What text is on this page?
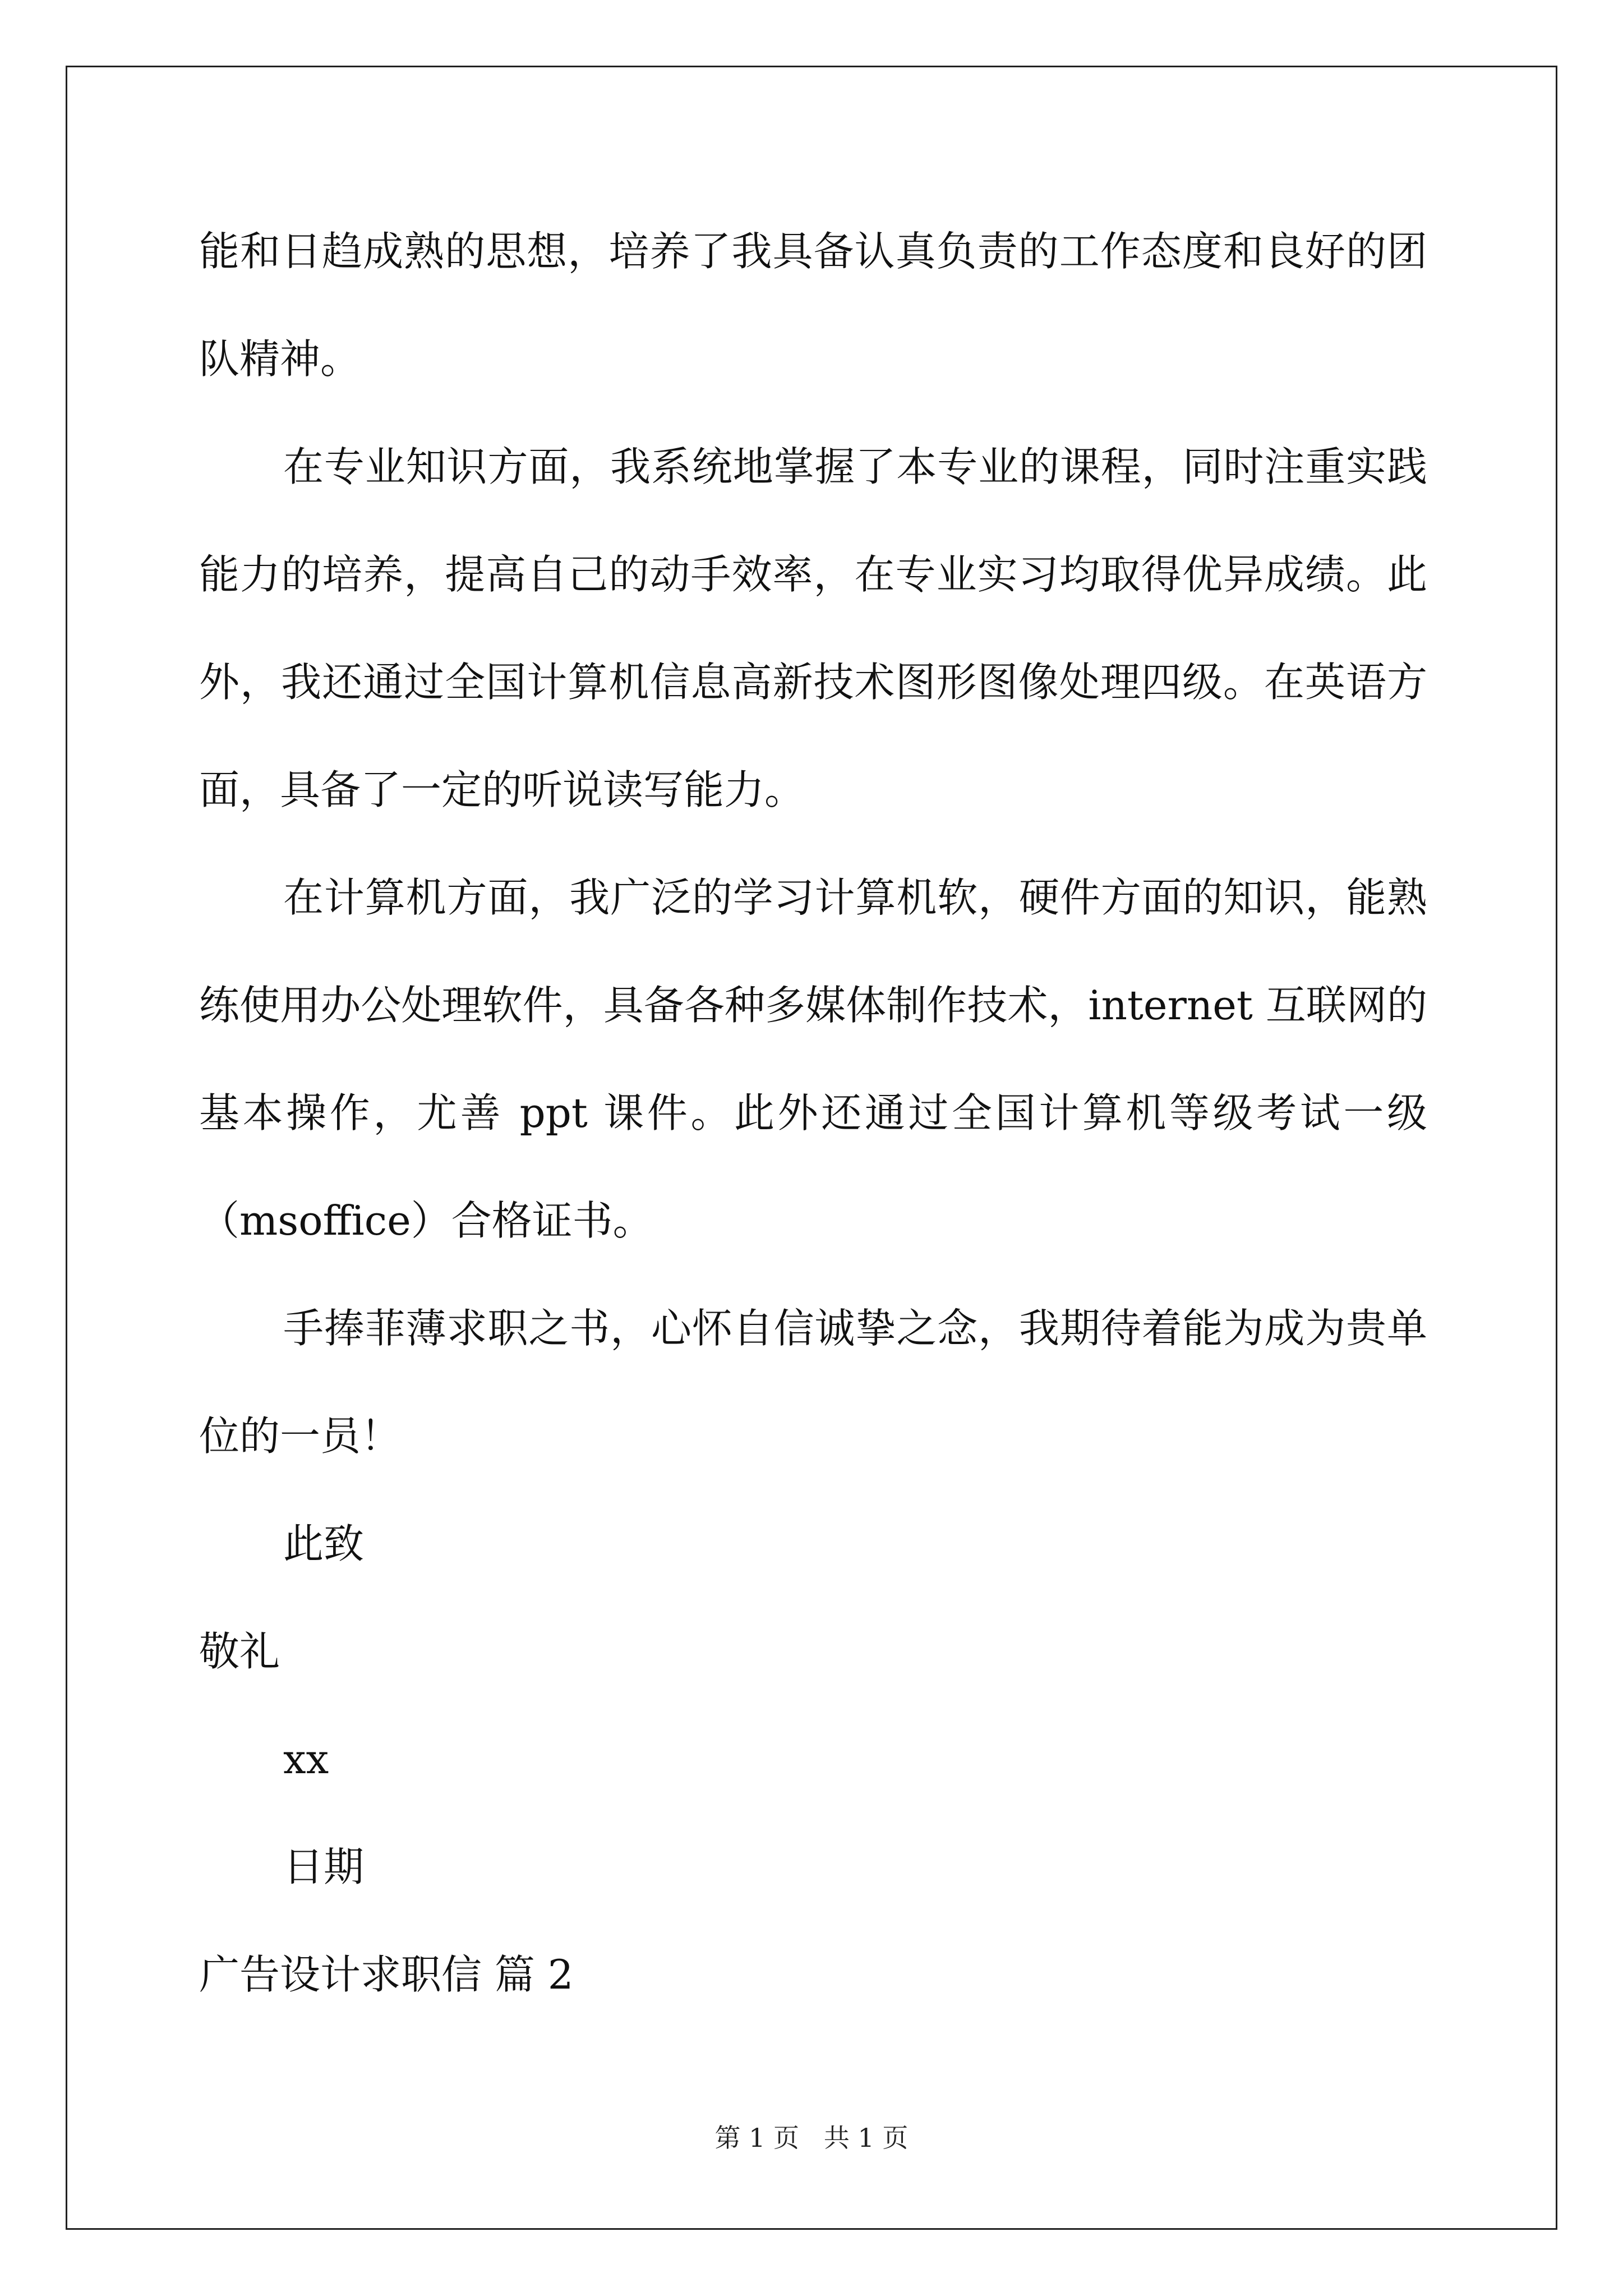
能和日趋成熟的思想，培养了我具备认真负责的工作态度和良好的团
队精神。
在专业知识方面，我系统地掌握了本专业的课程，同时注重实践
能力的培养，提高自己的动手效率，在专业实习均取得优异成绩。此
外，我还通过全国计算机信息高新技术图形图像处理四级。在英语方
面，具备了一定的听说读写能力。
在计算机方面，我广泛的学习计算机软，硬件方面的知识，能熟
练使用办公处理软件，具备各种多媒体制作技术，internet 互联网的
基本操作，尤善 ppt 课件。此外还通过全国计算机等级考试一级
（msoffice）合格证书。
手捧菲薄求职之书，心怀自信诚挚之念，我期待着能为成为贵单
位的一员！
此致
敬礼
xx
日期
广告设计求职信 篇 2
第 1 页   共 1 页
